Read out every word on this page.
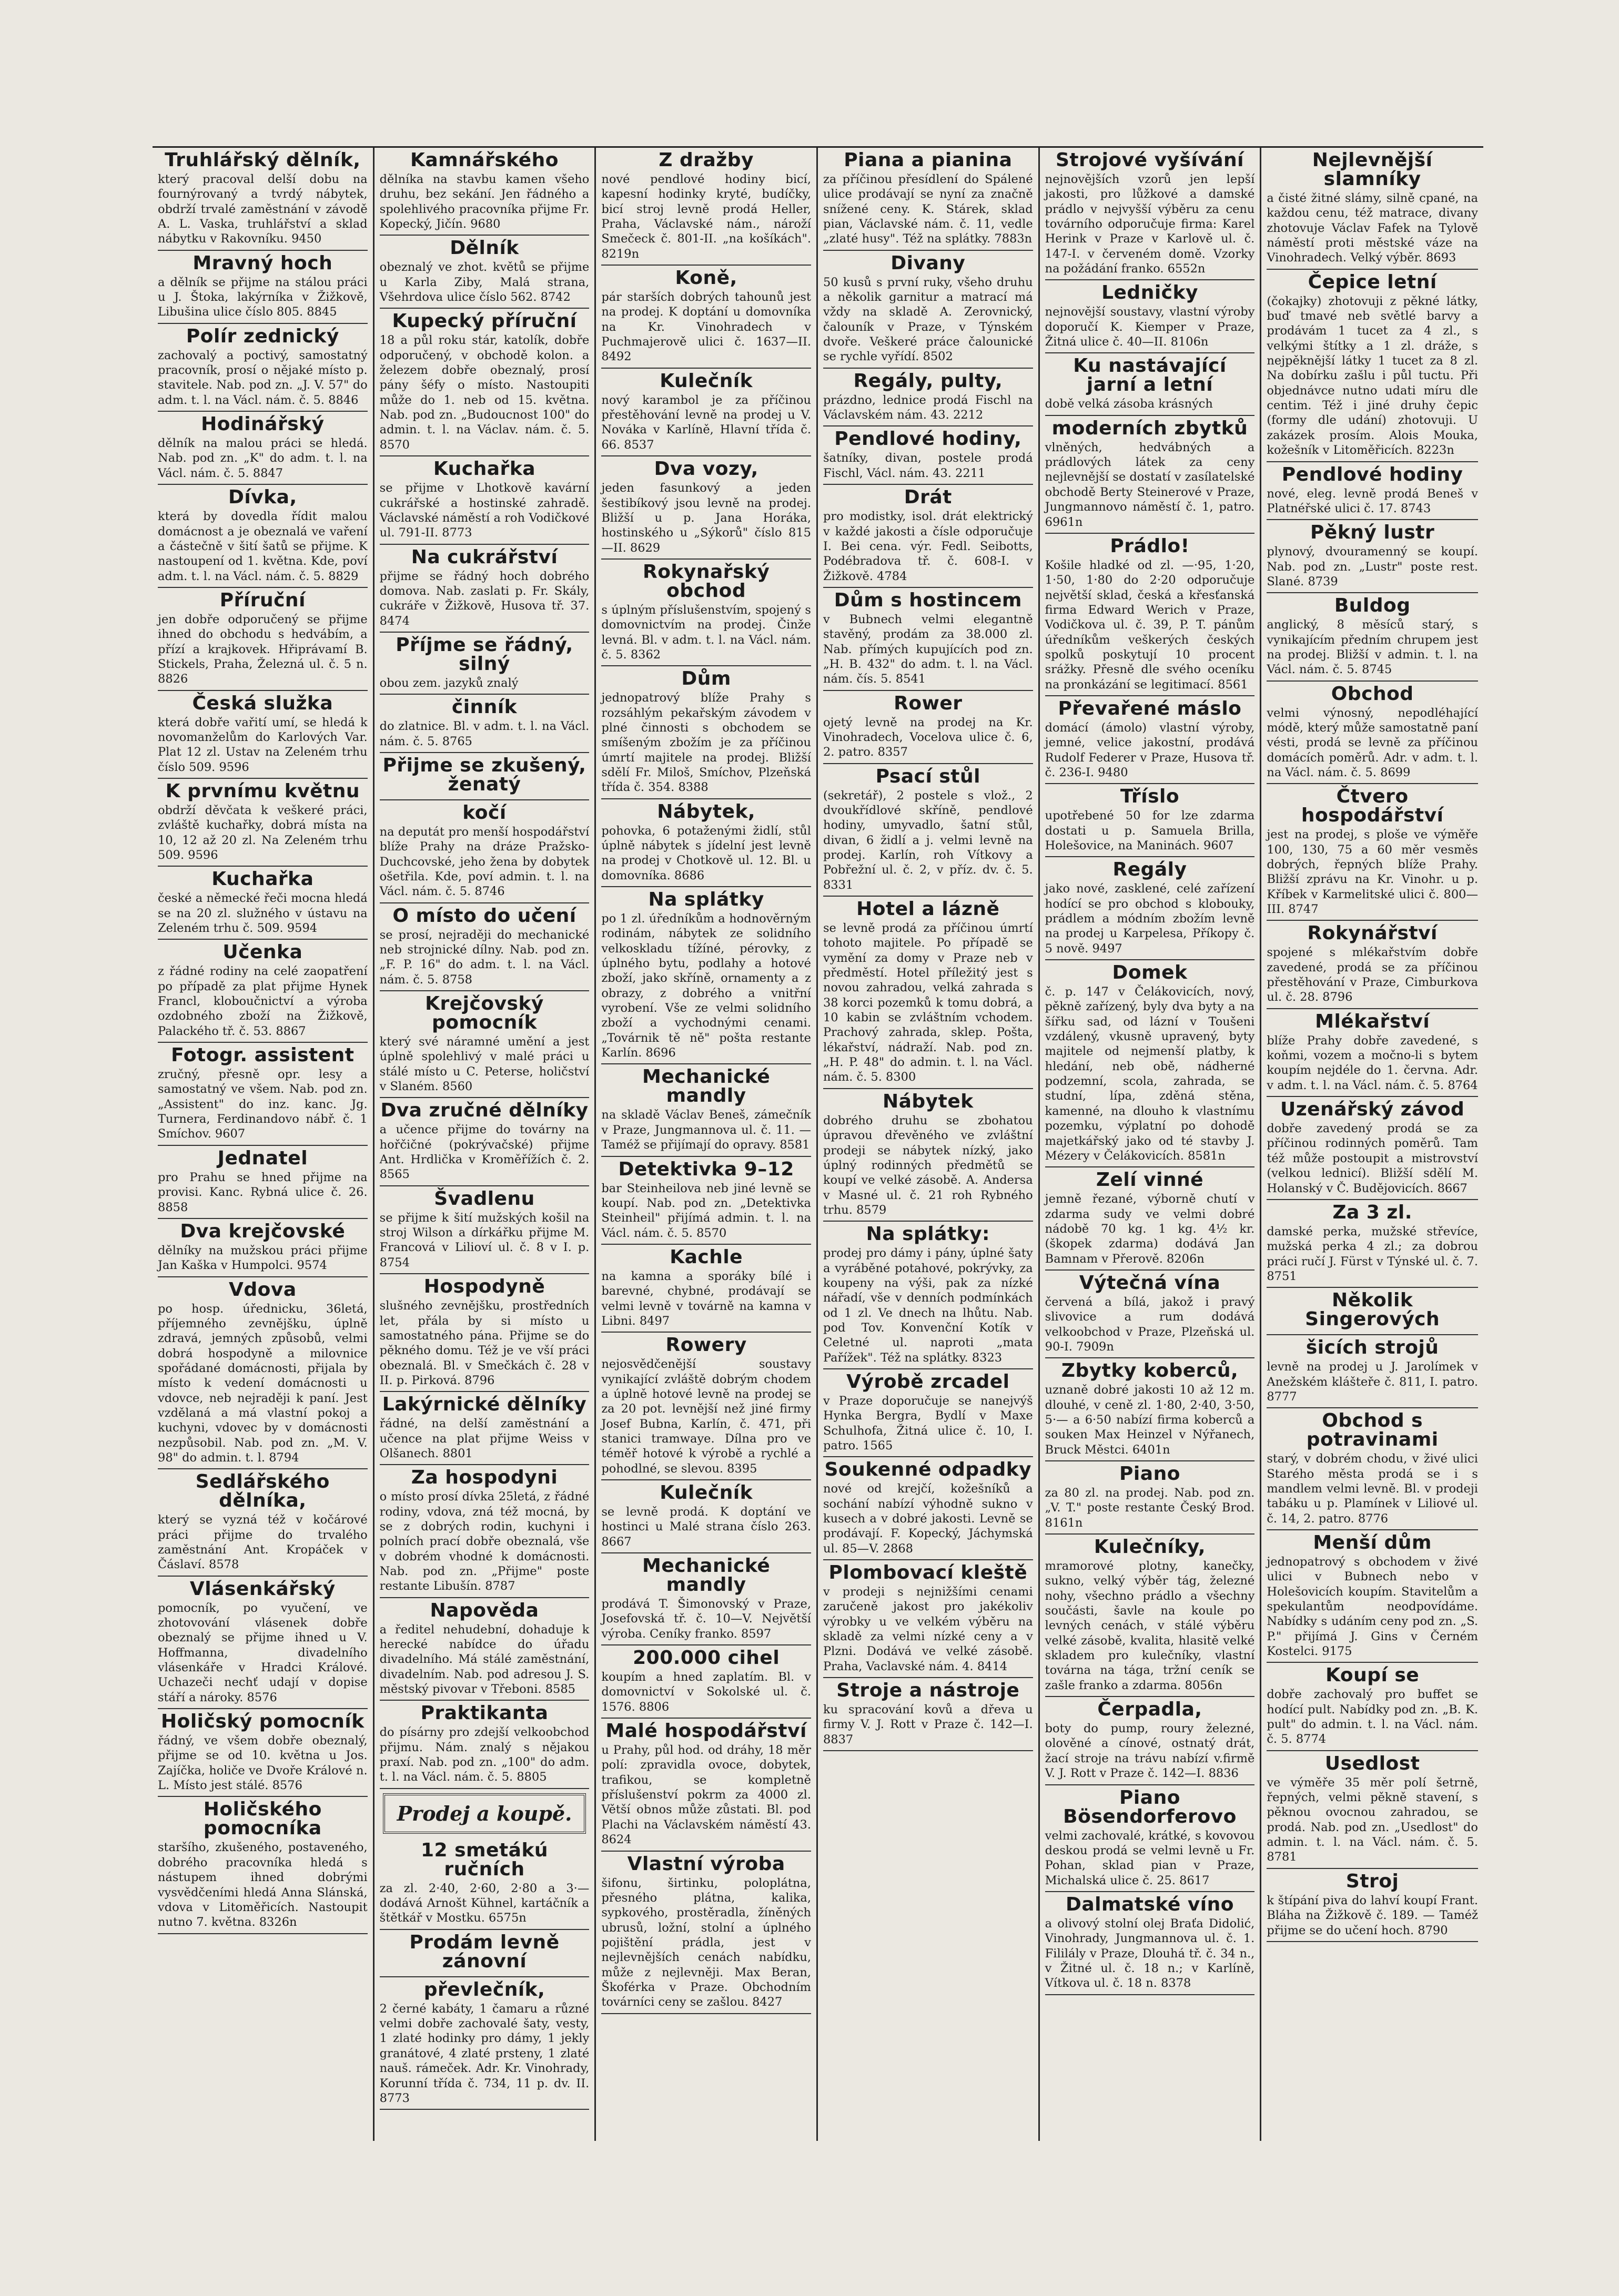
Truhlářský dělník,

který pracoval delší dobu na fournýrovaný a tvrdý nábytek, obdrží trvalé zaměstnání v závodě A. L. Vaska, truhlářství a sklad nábytku v Rakovníku. 9450

Mravný hoch

a dělník se přijme na stálou práci u J. Štoka, lakýrníka v Žižkově, Libušina ulice číslo 805. 8845

Polír zednický

zachovalý a poctivý, samostatný pracovník, prosí o nějaké místo p. stavitele. Nab. pod zn. „J. V. 57" do adm. t. l. na Václ. nám. č. 5. 8846

Hodinářský

dělník na malou práci se hledá. Nab. pod zn. „K" do adm. t. l. na Václ. nám. č. 5. 8847

Dívka,

která by dovedla řídit malou domácnost a je obeznalá ve vaření a částečně v šití šatů se přijme. K nastoupení od 1. května. Kde, poví adm. t. l. na Václ. nám. č. 5. 8829

Příruční

jen dobře odporučený se přijme ihned do obchodu s hedvábím, a přízí a krajkovek. Hřiprávamí B. Stickels, Praha, Železná ul. č. 5 n. 8826

Česká služka

která dobře vařití umí, se hledá k novomanželům do Karlových Var. Plat 12 zl. Ustav na Zeleném trhu číslo 509. 9596

K prvnímu květnu

obdrží děvčata k veškeré práci, zvláště kuchařky, dobrá místa na 10, 12 až 20 zl. Na Zeleném trhu 509. 9596

Kuchařka

české a německé řeči mocna hledá se na 20 zl. služného v ústavu na Zeleném trhu č. 509. 9594

Učenka

z řádné rodiny na celé zaopatření po případě za plat přijme Hynek Francl, kloboučnictví a výroba ozdobného zboží na Žižkově, Palackého tř. č. 53. 8867

Fotogr. assistent

zručný, přesně opr. lesy a samostatný ve všem. Nab. pod zn. „Assistent" do inz. kanc. Jg. Turnera, Ferdinandovo nábř. č. 1 Smíchov. 9607

Jednatel

pro Prahu se hned přijme na provisi. Kanc. Rybná ulice č. 26. 8858

Dva krejčovské

dělníky na mužskou práci přijme Jan Kaška v Humpolci. 9574

Vdova

po hosp. úřednicku, 36letá, příjemného zevnějšku, úplně zdravá, jemných způsobů, velmi dobrá hospodyně a milovnice spořádané domácnosti, přijala by místo k vedení domácnosti u vdovce, neb nejraději k paní. Jest vzdělaná a má vlastní pokoj a kuchyni, vdovec by v domácnosti nezpůsobil. Nab. pod zn. „M. V. 98" do admin. t. l. 8794

Sedlářského dělníka,

který se vyzná též v kočárové práci přijme do trvalého zaměstnání Ant. Kropáček v Čáslaví. 8578

Vlásenkářský

pomocník, po vyučení, ve zhotovování vlásenek dobře obeznalý se přijme ihned u V. Hoffmanna, divadelního vlásenkáře v Hradci Králové. Uchazeči nechť udají v dopise stáří a nároky. 8576

Holičský pomocník

řádný, ve všem dobře obeznalý, přijme se od 10. května u Jos. Zajíčka, holiče ve Dvoře Králové n. L. Místo jest stálé. 8576

Holičského pomocníka

staršího, zkušeného, postaveného, dobrého pracovníka hledá s nástupem ihned dobrými vysvědčeními hledá Anna Slánská, vdova v Litoměřicích. Nastoupit nutno 7. května. 8326n

Kamnářského

dělníka na stavbu kamen všeho druhu, bez sekání. Jen řádného a spolehlivého pracovníka přijme Fr. Kopecký, Jičín. 9680

Dělník

obeznalý ve zhot. květů se přijme u Karla Ziby, Malá strana, Všehrdova ulice číslo 562. 8742

Kupecký příruční

18 a půl roku stár, katolík, dobře odporučený, v obchodě kolon. a železem dobře obeznalý, prosí pány šéfy o místo. Nastoupiti může do 1. neb od 15. května. Nab. pod zn. „Budoucnost 100" do admin. t. l. na Václav. nám. č. 5. 8570

Kuchařka

se přijme v Lhotkově kavární cukrářské a hostinské zahradě. Václavské náměstí a roh Vodičkové ul. 791-II. 8773

Na cukrářství

přijme se řádný hoch dobrého domova. Nab. zaslati p. Fr. Skály, cukráře v Žižkově, Husova tř. 37. 8474

Příjme se řádný, silný

obou zem. jazyků znalý

činník

do zlatnice. Bl. v adm. t. l. na Václ. nám. č. 5. 8765

Přijme se zkušený, ženatý
kočí

na deputát pro menší hospodářství blíže Prahy na dráze Pražsko-Duchcovské, jeho žena by dobytek ošetřila. Kde, poví admin. t. l. na Václ. nám. č. 5. 8746

O místo do učení

se prosí, nejraději do mechanické neb strojnické dílny. Nab. pod zn. „F. P. 16" do adm. t. l. na Václ. nám. č. 5. 8758

Krejčovský pomocník

který své náramné umění a jest úplně spolehlivý v malé práci u stálé místo u C. Peterse, holičství v Slaném. 8560

Dva zručné dělníky

a učence přijme do továrny na hořčičné (pokrývačské) přijme Ant. Hrdlička v Kroměřížích č. 2. 8565

Švadlenu

se přijme k šití mužských košil na stroj Wilson a dírkářku přijme M. Francová v Lilioví ul. č. 8 v I. p. 8754

Hospodyně

slušného zevnějšku, prostředních let, přála by si místo u samostatného pána. Přijme se do pěkného domu. Též je ve vší práci obeznalá. Bl. v Smečkách č. 28 v II. p. Pirková. 8796

Lakýrnické dělníky

řádné, na delší zaměstnání a učence na plat přijme Weiss v Olšanech. 8801

Za hospodyni

o místo prosí dívka 25letá, z řádné rodiny, vdova, zná též mocná, by se z dobrých rodin, kuchyni i polních prací dobře obeznalá, vše v dobrém vhodné k domácnosti. Nab. pod zn. „Přijme" poste restante Libušín. 8787

Napověda

a ředitel nehudební, dohaduje k herecké nabídce do úřadu divadelního. Má stálé zaměstnání, divadelním. Nab. pod adresou J. S. městský pivovar v Třeboni. 8585

Praktikanta

do písárny pro zdejší velkoobchod přijmu. Nám. znalý s nějakou praxí. Nab. pod zn. „100" do adm. t. l. na Václ. nám. č. 5. 8805

Prodej a koupě.
12 smetákú ručních

za zl. 2·40, 2·60, 2·80 a 3·— dodává Arnošt Kühnel, kartáčník a štětkář v Mostku. 6575n

Prodám levně zánovní
převlečník,

2 černé kabáty, 1 čamaru a různé velmi dobře zachovalé šaty, vesty, 1 zlaté hodinky pro dámy, 1 jekly granátové, 4 zlaté prsteny, 1 zlaté nauš. rámeček. Adr. Kr. Vinohrady, Korunní třída č. 734, 11 p. dv. II. 8773

Z dražby

nové pendlové hodiny bicí, kapesní hodinky kryté, budíčky, bicí stroj levně prodá Heller, Praha, Václavské nám., nároží Smečeck č. 801-II. „na košíkách". 8219n

Koně,

pár starších dobrých tahounů jest na prodej. K doptání u domovníka na Kr. Vinohradech v Puchmajerově ulici č. 1637—II. 8492

Kulečník

nový karambol je za příčinou přestěhování levně na prodej u V. Nováka v Karlíně, Hlavní třída č. 66. 8537

Dva vozy,

jeden fasunkový a jeden šestibíkový jsou levně na prodej. Bližší u p. Jana Horáka, hostinského u „Sýkorů" číslo 815—II. 8629

Rokynařský obchod

s úplným příslušenstvím, spojený s domovnictvím na prodej. Činže levná. Bl. v adm. t. l. na Václ. nám. č. 5. 8362

Dům

jednopatrový blíže Prahy s rozsáhlým pekařským závodem v plné činnosti s obchodem se smíšeným zbožím je za příčinou úmrtí majitele na prodej. Bližší sdělí Fr. Miloš, Smíchov, Plzeňská třída č. 354. 8388

Nábytek,

pohovka, 6 potaženými židlí, stůl úplně nábytek s jídelní jest levně na prodej v Chotkově ul. 12. Bl. u domovníka. 8686

Na splátky

po 1 zl. úředníkům a hodnověrným rodinám, nábytek ze solidního velkoskladu tížíné, pérovky, z úplného bytu, podlahy a hotové zboží, jako skříně, ornamenty a z obrazy, z dobrého a vnitřní vyrobení. Vše ze velmi solidního zboží a vychodnými cenami. „Továrnik tě ně" pošta restante Karlín. 8696

Mechanické mandly

na skladě Václav Beneš, zámečník v Praze, Jungmannova ul. č. 11. — Taméž se přijímají do opravy. 8581

Detektivka 9–12

bar Steinheilova neb jiné levně se koupí. Nab. pod zn. „Detektivka Steinheil" přijímá admin. t. l. na Václ. nám. č. 5. 8570

Kachle

na kamna a sporáky bílé i barevné, chybné, prodávají se velmi levně v továrně na kamna v Libni. 8497

Rowery

nejosvědčenější soustavy vynikající zvláště dobrým chodem a úplně hotové levně na prodej se za 20 pot. levnější než jiné firmy Josef Bubna, Karlín, č. 471, při stanici tramwaye. Dílna pro ve téměř hotové k výrobě a rychlé a pohodlné, se slevou. 8395

Kulečník

se levně prodá. K doptání ve hostinci u Malé strana číslo 263. 8667

Mechanické mandly

prodává T. Šimonovský v Praze, Josefovská tř. č. 10—V. Největší výroba. Ceníky franko. 8597

200.000 cihel

koupím a hned zaplatím. Bl. v domovnictví v Sokolské ul. č. 1576. 8806

Malé hospodářství

u Prahy, půl hod. od dráhy, 18 měr polí: zpravidla ovoce, dobytek, trafikou, se kompletně příslušenství pokrm za 4000 zl. Větší obnos může zůstati. Bl. pod Plachi na Václavském náměstí 43. 8624

Vlastní výroba

šifonu, širtinku, poloplátna, přesného plátna, kalika, sypkového, prostěradla, žíněných ubrusů, ložní, stolní a úplného pojištění prádla, jest v nejlevnějších cenách nabídku, může z nejlevněji. Max Beran, Škoférka v Praze. Obchodním továrníci ceny se zašlou. 8427

Piana a pianina

za příčinou přesídlení do Spálené ulice prodávají se nyní za značně snížené ceny. K. Stárek, sklad pian, Václavské nám. č. 11, vedle „zlaté husy". Též na splátky. 7883n

Divany

50 kusů s první ruky, všeho druhu a několik garnitur a matrací má vždy na skladě A. Zerovnický, čalouník v Praze, v Týnském dvoře. Veškeré práce čalounické se rychle vyřídí. 8502

Regály, pulty,

prázdno, lednice prodá Fischl na Václavském nám. 43. 2212

Pendlové hodiny,

šatníky, divan, postele prodá Fischl, Václ. nám. 43. 2211

Drát

pro modistky, isol. drát elektrický v každé jakosti a čísle odporučuje I. Bei cena. výr. Fedl. Seibotts, Podébradova tř. č. 608-I. v Žižkově. 4784

Dům s hostincem

v Bubnech velmi elegantně stavěný, prodám za 38.000 zl. Nab. přímých kupujících pod zn. „H. B. 432" do adm. t. l. na Václ. nám. čís. 5. 8541

Rower

ojetý levně na prodej na Kr. Vinohradech, Vocelova ulice č. 6, 2. patro. 8357

Psací stůl

(sekretář), 2 postele s vlož., 2 dvoukřídlové skříně, pendlové hodiny, umyvadlo, šatní stůl, divan, 6 židlí a j. velmi levně na prodej. Karlín, roh Vítkovy a Pobřežní ul. č. 2, v příz. dv. č. 5. 8331

Hotel a lázně

se levně prodá za příčinou úmrtí tohoto majitele. Po případě se vymění za domy v Praze neb v předměstí. Hotel příležitý jest s novou zahradou, velká zahrada s 38 korci pozemků k tomu dobrá, a 10 kabin se zvláštním vchodem. Prachový zahrada, sklep. Pošta, lékařství, nádraží. Nab. pod zn. „H. P. 48" do admin. t. l. na Václ. nám. č. 5. 8300

Nábytek

dobrého druhu se zbohatou úpravou dřevěného ve zvláštní prodeji se nábytek nízký, jako úplný rodinných předmětů se koupí ve velké zásobě. A. Andersa v Masné ul. č. 21 roh Rybného trhu. 8579

Na splátky:

prodej pro dámy i pány, úplné šaty a vyráběné potahové, pokrývky, za koupeny na výši, pak za nízké nářadí, vše v denních podmínkách od 1 zl. Ve dnech na lhůtu. Nab. pod Tov. Konvenční Kotík v Celetné ul. naproti „mata Pařížek". Též na splátky. 8323

Výrobě zrcadel

v Praze doporučuje se nanejvýš Hynka Bergra, Bydlí v Maxe Schulhofa, Žitná ulice č. 10, I. patro. 1565

Soukenné odpadky

nové od krejčí, kožešníků a sochání nabízí výhodně sukno v kusech a v dobré jakosti. Levně se prodávají. F. Kopecký, Jáchymská ul. 85—V. 2868

Plombovací kleště

v prodeji s nejnižšími cenami zaručeně jakost pro jakékoliv výrobky u ve velkém výběru na skladě za velmi nízké ceny a v Plzni. Dodává ve velké zásobě. Praha, Vaclavské nám. 4. 8414

Stroje a nástroje

ku spracování kovů a dřeva u firmy V. J. Rott v Praze č. 142—I. 8837

Strojové vyšívání

nejnovějších vzorů jen lepší jakosti, pro lůžkové a damské prádlo v nejvyšší výběru za cenu továrního odporučuje firma: Karel Herink v Praze v Karlově ul. č. 147-I. v červeném domě. Vzorky na požádání franko. 6552n

Ledničky

nejnovější soustavy, vlastní výroby doporučí K. Kiemper v Praze, Žitná ulice č. 40—II. 8106n

Ku nastávající jarní a letní

době velká zásoba krásných

moderních zbytků

vlněných, hedvábných a prádlových látek za ceny nejlevnější se dostatí v zasílatelské obchodě Berty Steinerové v Praze, Jungmannovo náměstí č. 1, patro. 6961n

Prádlo!

Košile hladké od zl. —·95, 1·20, 1·50, 1·80 do 2·20 odporučuje největší sklad, česká a křesťanská firma Edward Werich v Praze, Vodičkova ul. č. 39, P. T. pánům úředníkům veškerých českých spolků poskytují 10 procent srážky. Přesně dle svého oceníku na pronkázání se legitimací. 8561

Převařené máslo

domácí (ámolo) vlastní výroby, jemné, velice jakostní, prodává Rudolf Federer v Praze, Husova tř. č. 236-I. 9480

Tříslo

upotřebené 50 for lze zdarma dostati u p. Samuela Brilla, Holešovice, na Maninách. 9607

Regály

jako nové, zasklené, celé zařízení hodící se pro obchod s klobouky, prádlem a módním zbožím levně na prodej u Karpelesa, Příkopy č. 5 nově. 9497

Domek

č. p. 147 v Čelákovicích, nový, pěkně zařízený, byly dva byty a na šířku sad, od lázní v Toušeni vzdálený, vkusně upravený, byty majitele od nejmenší platby, k hledání, neb obě, nádherné podzemní, scola, zahrada, se studní, lípa, zděná stěna, kamenné, na dlouho k vlastnímu pozemku, výplatní po dohodě majetkářský jako od té stavby J. Mézery v Čelákovicích. 8581n

Zelí vinné

jemně řezané, výborně chutí v zdarma sudy ve velmi dobré nádobě 70 kg. 1 kg. 4½ kr. (škopek zdarma) dodává Jan Bamnam v Přerově. 8206n

Výtečná vína

červená a bílá, jakož i pravý slivovice a rum dodává velkoobchod v Praze, Plzeňská ul. 90-I. 7909n

Zbytky koberců,

uznaně dobré jakosti 10 až 12 m. dlouhé, v ceně zl. 1·80, 2·40, 3·50, 5·— a 6·50 nabízí firma koberců a souken Max Heinzel v Nýřanech, Bruck Městci. 6401n

Piano

za 80 zl. na prodej. Nab. pod zn. „V. T." poste restante Český Brod. 8161n

Kulečníky,

mramorové plotny, kanečky, sukno, velký výběr tág, železné nohy, všechno prádlo a všechny součásti, šavle na koule po levných cenách, v stálé výběru velké zásobě, kvalita, hlasitě velké skladem pro kulečníky, vlastní továrna na tága, tržní ceník se zašle franko a zdarma. 8056n

Čerpadla,

boty do pump, roury železné, olověné a cínové, ostnatý drát, žací stroje na trávu nabízí v.firmě V. J. Rott v Praze č. 142—I. 8836

Piano Bösendorferovo

velmi zachovalé, krátké, s kovovou deskou prodá se velmi levně u Fr. Pohan, sklad pian v Praze, Michalská ulice č. 25. 8617

Dalmatské víno

a olivový stolní olej Braťa Didolić, Vinohrady, Jungmannova ul. č. 1. Fililály v Praze, Dlouhá tř. č. 34 n., v Žitné ul. č. 18 n.; v Karlíně, Vítkova ul. č. 18 n. 8378

Nejlevnější slamníky

a čisté žitné slámy, silně cpané, na každou cenu, též matrace, divany zhotovuje Václav Fafek na Tylově náměstí proti městské váze na Vinohradech. Velký výběr. 8693

Čepice letní

(čokajky) zhotovuji z pěkné látky, buď tmavé neb světlé barvy a prodávám 1 tucet za 4 zl., s velkými štítky a 1 zl. dráže, s nejpěknější látky 1 tucet za 8 zl. Na dobírku zašlu i půl tuctu. Při objednávce nutno udati míru dle centim. Též i jiné druhy čepic (formy dle udání) zhotovuji. U zakázek prosím. Alois Mouka, kožešník v Litoměřicích. 8223n

Pendlové hodiny

nové, eleg. levně prodá Beneš v Platnéřské ulici č. 17. 8743

Pěkný lustr

plynový, dvouramenný se koupí. Nab. pod zn. „Lustr" poste rest. Slané. 8739

Buldog

anglický, 8 měsíců starý, s vynikajícím předním chrupem jest na prodej. Bližší v admin. t. l. na Václ. nám. č. 5. 8745

Obchod

velmi výnosný, nepodléhající módě, který může samostatně paní vésti, prodá se levně za příčinou domácích poměrů. Adr. v adm. t. l. na Václ. nám. č. 5. 8699

Čtvero hospodářství

jest na prodej, s ploše ve výměře 100, 130, 75 a 60 měr vesměs dobrých, řepných blíže Prahy. Bližší zprávu na Kr. Vinohr. u p. Kříbek v Karmelitské ulici č. 800—III. 8747

Rokynářství

spojené s mlékařstvím dobře zavedené, prodá se za příčinou přestěhování v Praze, Cimburkova ul. č. 28. 8796

Mlékařství

blíže Prahy dobře zavedené, s koňmi, vozem a močno-li s bytem koupím nejdéle do 1. června. Adr. v adm. t. l. na Václ. nám. č. 5. 8764

Uzenářský závod

dobře zavedený prodá se za příčinou rodinných poměrů. Tam též může postoupit a mistrovství (velkou lednicí). Bližší sdělí M. Holanský v Č. Budějovicích. 8667

Za 3 zl.

damské perka, mužské střevíce, mužská perka 4 zl.; za dobrou práci ručí J. Fürst v Týnské ul. č. 7. 8751

Několik Singerových
šicích strojů

levně na prodej u J. Jarolímek v Anežském klášteře č. 811, I. patro. 8777

Obchod s potravinami

starý, v dobrém chodu, v živé ulici Starého města prodá se i s mandlem velmi levně. Bl. v prodeji tabáku u p. Plamínek v Liliové ul. č. 14, 2. patro. 8776

Menší dům

jednopatrový s obchodem v živé ulici v Bubnech nebo v Holešovicích koupím. Stavitelům a spekulantům neodpovídáme. Nabídky s udáním ceny pod zn. „S. P." přijímá J. Gins v Černém Kostelci. 9175

Koupí se

dobře zachovalý pro buffet se hodící pult. Nabídky pod zn. „B. K. pult" do admin. t. l. na Václ. nám. č. 5. 8774

Usedlost

ve výměře 35 měr polí šetrně, řepných, velmi pěkně stavení, s pěknou ovocnou zahradou, se prodá. Nab. pod zn. „Usedlost" do admin. t. l. na Václ. nám. č. 5. 8781

Stroj

k štípání piva do lahví koupí Frant. Bláha na Žižkově č. 189. — Taméž přijme se do učení hoch. 8790
